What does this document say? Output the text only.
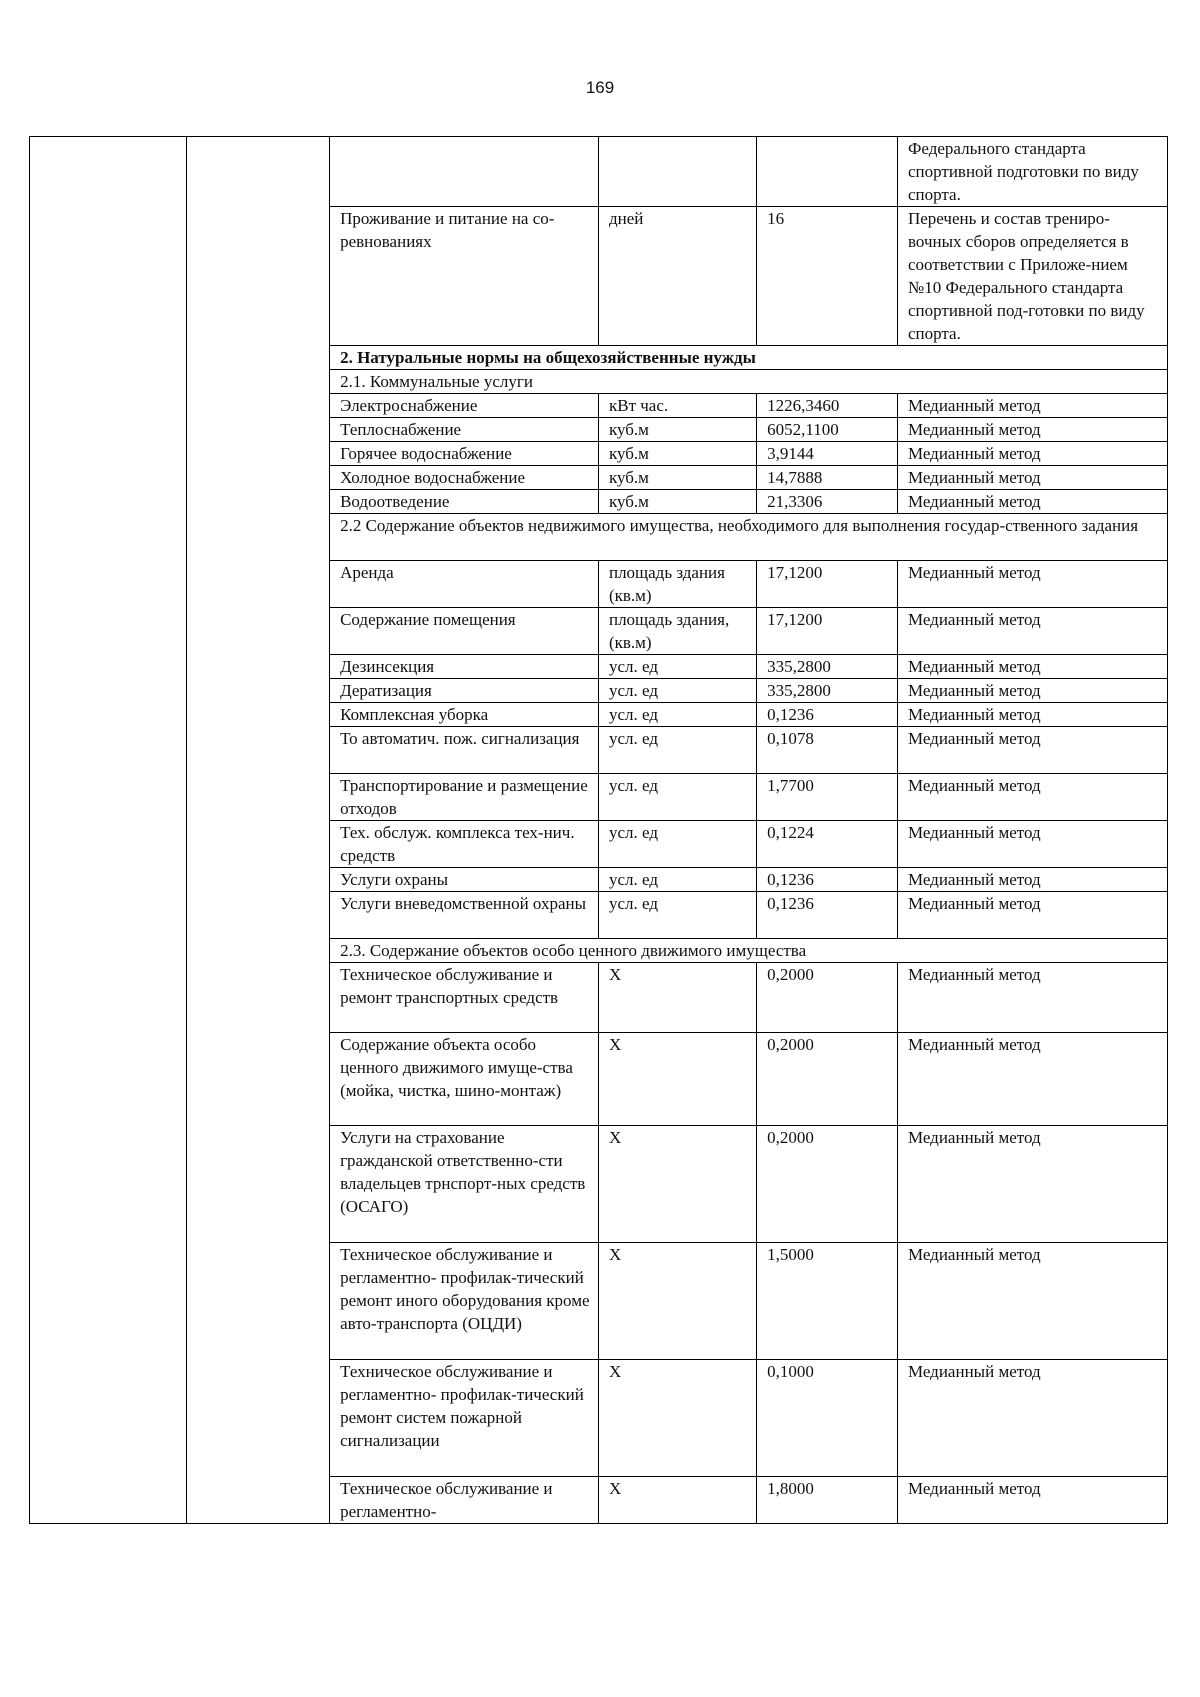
169
					Федерального стандарта спортивной подготовки по виду спорта.
		Проживание и питание на со-ревнованиях	дней	16	Перечень и состав трениро-вочных сборов определяется в соответствии с Приложе-нием №10 Федерального стандарта спортивной под-готовки по виду спорта.
		2. Натуральные нормы на общехозяйственные нужды			
		2.1. Коммунальные услуги			
		Электроснабжение	кВт час.	1226,3460	Медианный метод
		Теплоснабжение	куб.м	6052,1100	Медианный метод
		Горячее водоснабжение	куб.м	3,9144	Медианный метод
		Холодное водоснабжение	куб.м	14,7888	Медианный метод
		Водоотведение	куб.м	21,3306	Медианный метод
		2.2 Содержание объектов недвижимого имущества, необходимого для выполнения государ-ственного задания			
		Аренда	площадь здания (кв.м)	17,1200	Медианный метод
		Содержание помещения	площадь здания, (кв.м)	17,1200	Медианный метод
		Дезинсекция	усл. ед	335,2800	Медианный метод
		Дератизация	усл. ед	335,2800	Медианный метод
		Комплексная уборка	усл. ед	0,1236	Медианный метод
		То автоматич. пож. сигнализация	усл. ед	0,1078	Медианный метод
		Транспортирование и размещение отходов	усл. ед	1,7700	Медианный метод
		Тех. обслуж. комплекса тех-нич. средств	усл. ед	0,1224	Медианный метод
		Услуги охраны	усл. ед	0,1236	Медианный метод
		Услуги вневедомственной охраны	усл. ед	0,1236	Медианный метод
		2.3. Содержание объектов особо ценного движимого имущества			
		Техническое обслуживание и ремонт транспортных средств	Х	0,2000	Медианный метод
		Содержание объекта особо ценного движимого имуще-ства (мойка, чистка, шино-монтаж)	Х	0,2000	Медианный метод
		Услуги на страхование гражданской ответственно-сти владельцев трнспорт-ных средств (ОСАГО)	Х	0,2000	Медианный метод
		Техническое обслуживание и регламентно- профилак-тический ремонт иного оборудования кроме авто-транспорта (ОЦДИ)	Х	1,5000	Медианный метод
		Техническое обслуживание и регламентно- профилак-тический ремонт систем пожарной сигнализации	Х	0,1000	Медианный метод
		Техническое обслуживание и регламентно-	Х	1,8000	Медианный метод
